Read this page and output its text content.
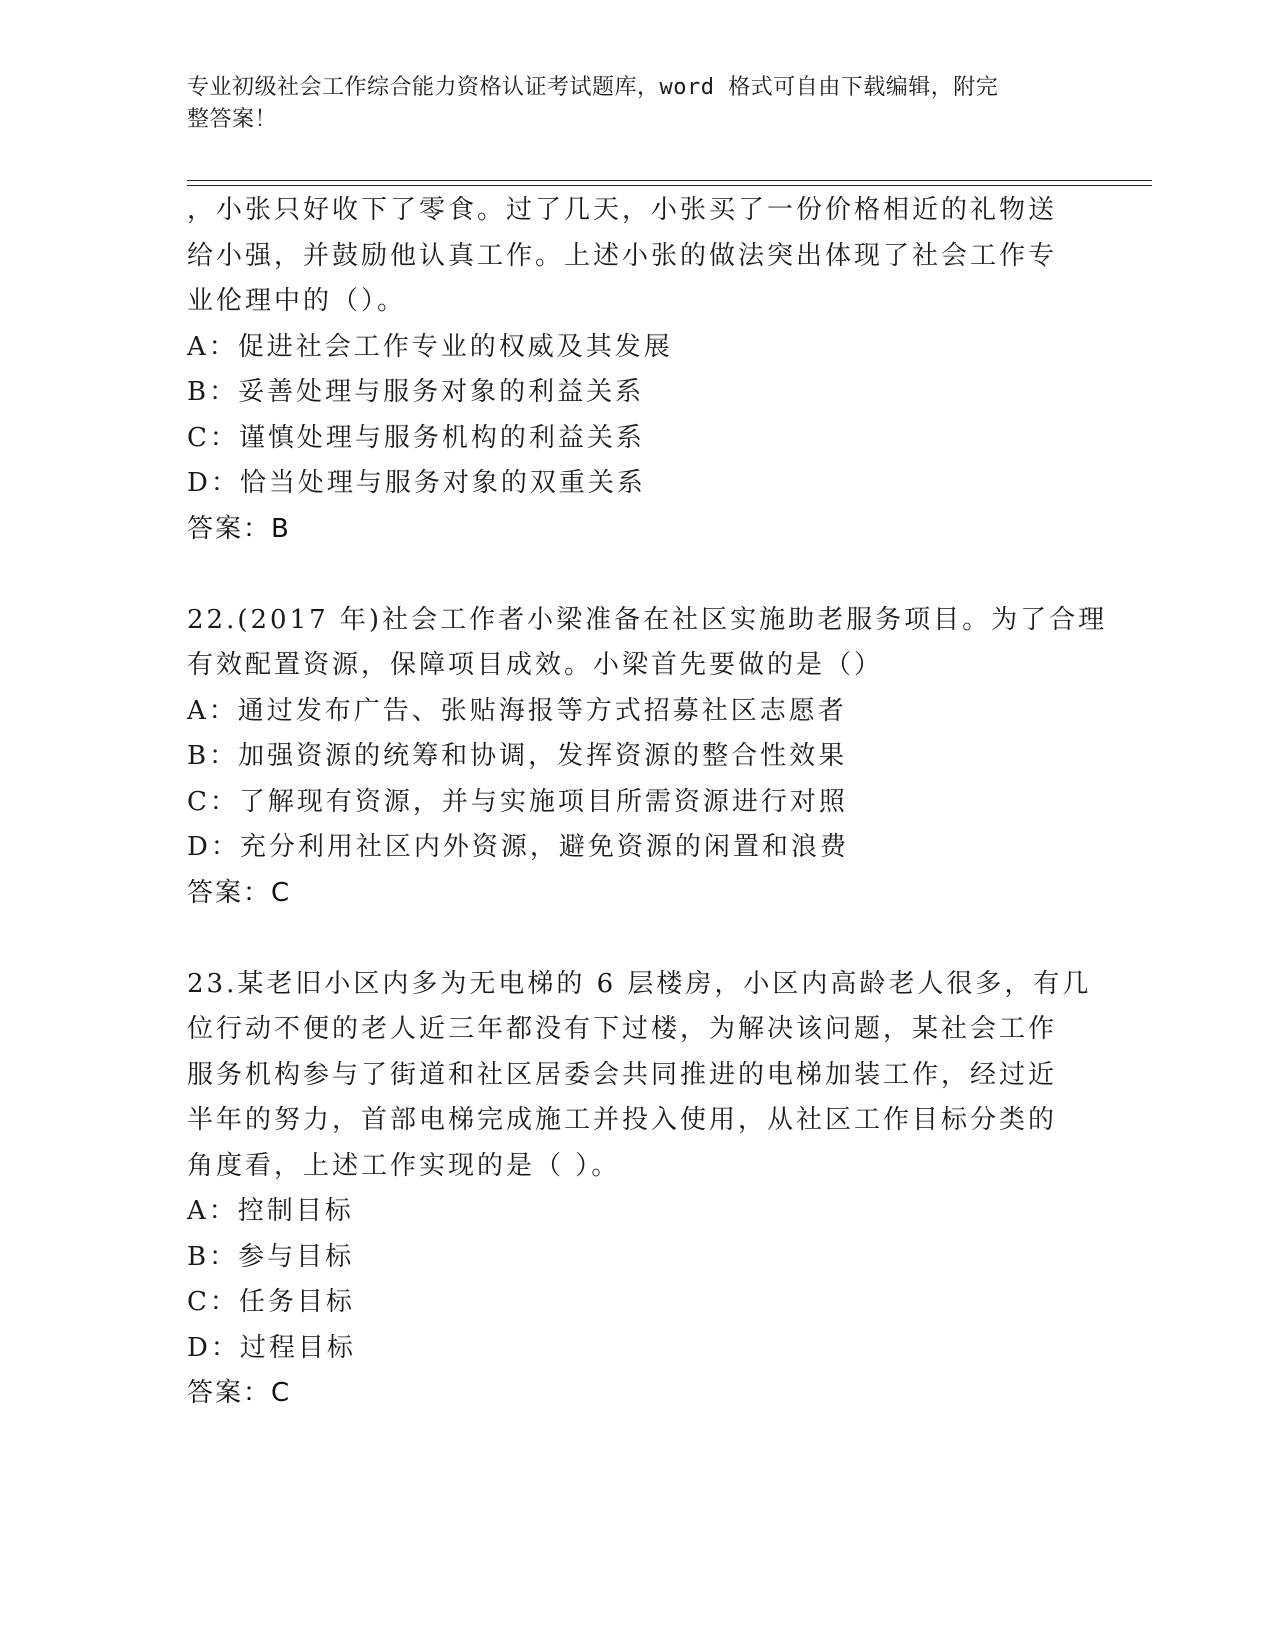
专业初级社会工作综合能力资格认证考试题库，word 格式可自由下载编辑，附完
整答案！
，小张只好收下了零食。过了几天，小张买了一份价格相近的礼物送
给小强，并鼓励他认真工作。上述小张的做法突出体现了社会工作专
业伦理中的（）。
A：促进社会工作专业的权威及其发展
B：妥善处理与服务对象的利益关系
C：谨慎处理与服务机构的利益关系
D：恰当处理与服务对象的双重关系
答案：B
22.(2017 年)社会工作者小梁准备在社区实施助老服务项目。为了合理
有效配置资源，保障项目成效。小梁首先要做的是（）
A：通过发布广告、张贴海报等方式招募社区志愿者
B：加强资源的统筹和协调，发挥资源的整合性效果
C：了解现有资源，并与实施项目所需资源进行对照
D：充分利用社区内外资源，避免资源的闲置和浪费
答案：C
23.某老旧小区内多为无电梯的 6 层楼房，小区内高龄老人很多，有几
位行动不便的老人近三年都没有下过楼，为解决该问题，某社会工作
服务机构参与了街道和社区居委会共同推进的电梯加装工作，经过近
半年的努力，首部电梯完成施工并投入使用，从社区工作目标分类的
角度看，上述工作实现的是（ ）。
A：控制目标
B：参与目标
C：任务目标
D：过程目标
答案：C
